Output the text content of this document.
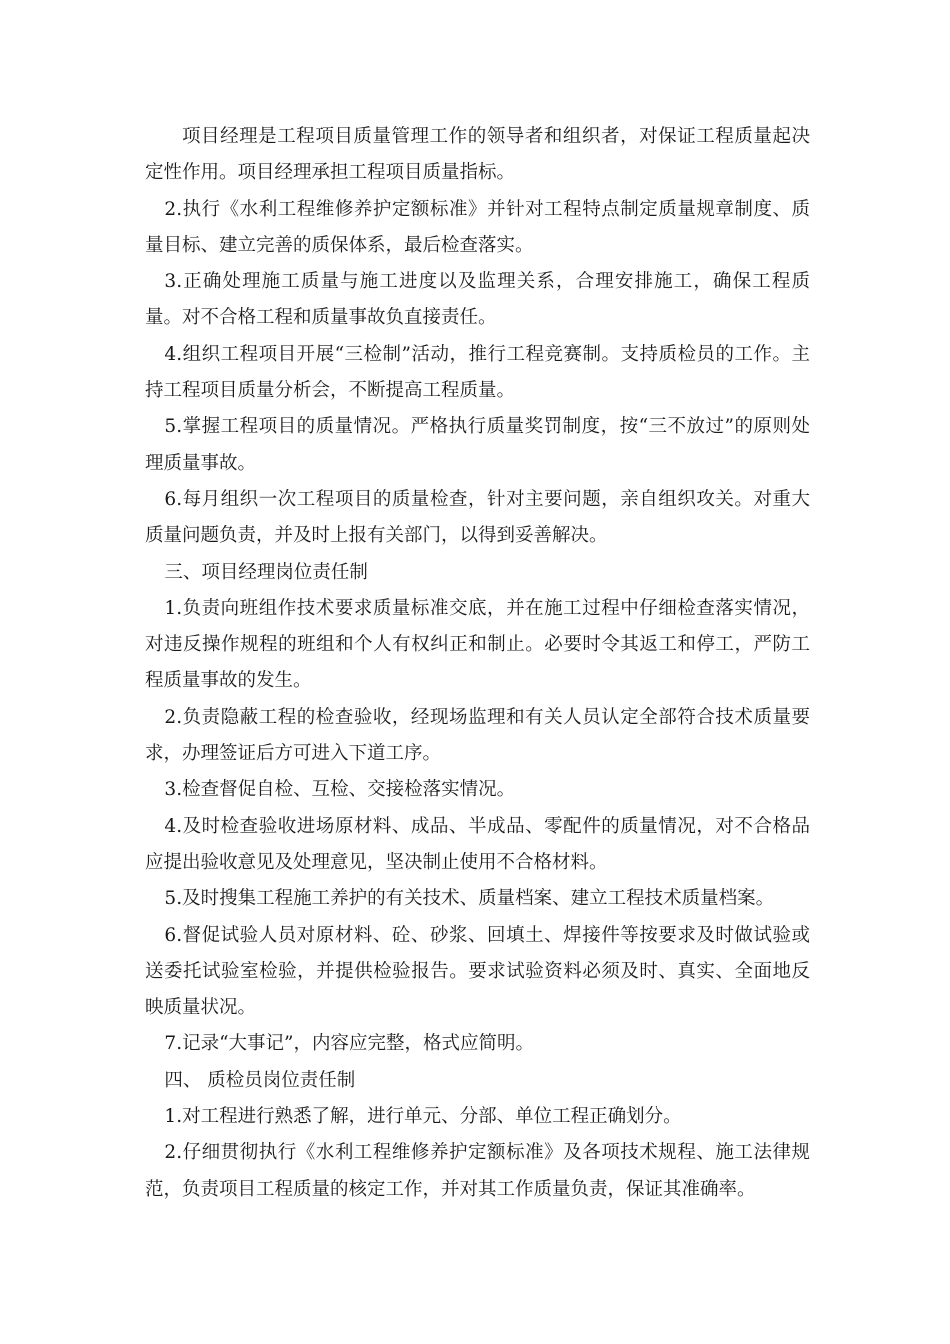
项目经理是工程项目质量管理工作的领导者和组织者，对保证工程质量起决定性作用。项目经理承担工程项目质量指标。

2.执行《水利工程维修养护定额标准》并针对工程特点制定质量规章制度、质量目标、建立完善的质保体系，最后检查落实。

3.正确处理施工质量与施工进度以及监理关系，合理安排施工，确保工程质量。对不合格工程和质量事故负直接责任。

4.组织工程项目开展“三检制”活动，推行工程竞赛制。支持质检员的工作。主持工程项目质量分析会，不断提高工程质量。

5.掌握工程项目的质量情况。严格执行质量奖罚制度，按“三不放过”的原则处理质量事故。

6.每月组织一次工程项目的质量检查，针对主要问题，亲自组织攻关。对重大质量问题负责，并及时上报有关部门，以得到妥善解决。

三、项目经理岗位责任制

1.负责向班组作技术要求质量标准交底，并在施工过程中仔细检查落实情况，对违反操作规程的班组和个人有权纠正和制止。必要时令其返工和停工，严防工程质量事故的发生。

2.负责隐蔽工程的检查验收，经现场监理和有关人员认定全部符合技术质量要求，办理签证后方可进入下道工序。

3.检查督促自检、互检、交接检落实情况。

4.及时检查验收进场原材料、成品、半成品、零配件的质量情况，对不合格品应提出验收意见及处理意见，坚决制止使用不合格材料。

5.及时搜集工程施工养护的有关技术、质量档案、建立工程技术质量档案。

6.督促试验人员对原材料、砼、砂浆、回填土、焊接件等按要求及时做试验或送委托试验室检验，并提供检验报告。要求试验资料必须及时、真实、全面地反映质量状况。

7.记录“大事记”，内容应完整，格式应简明。

四、 质检员岗位责任制

1.对工程进行熟悉了解，进行单元、分部、单位工程正确划分。

2.仔细贯彻执行《水利工程维修养护定额标准》及各项技术规程、施工法律规范，负责项目工程质量的核定工作，并对其工作质量负责，保证其准确率。
